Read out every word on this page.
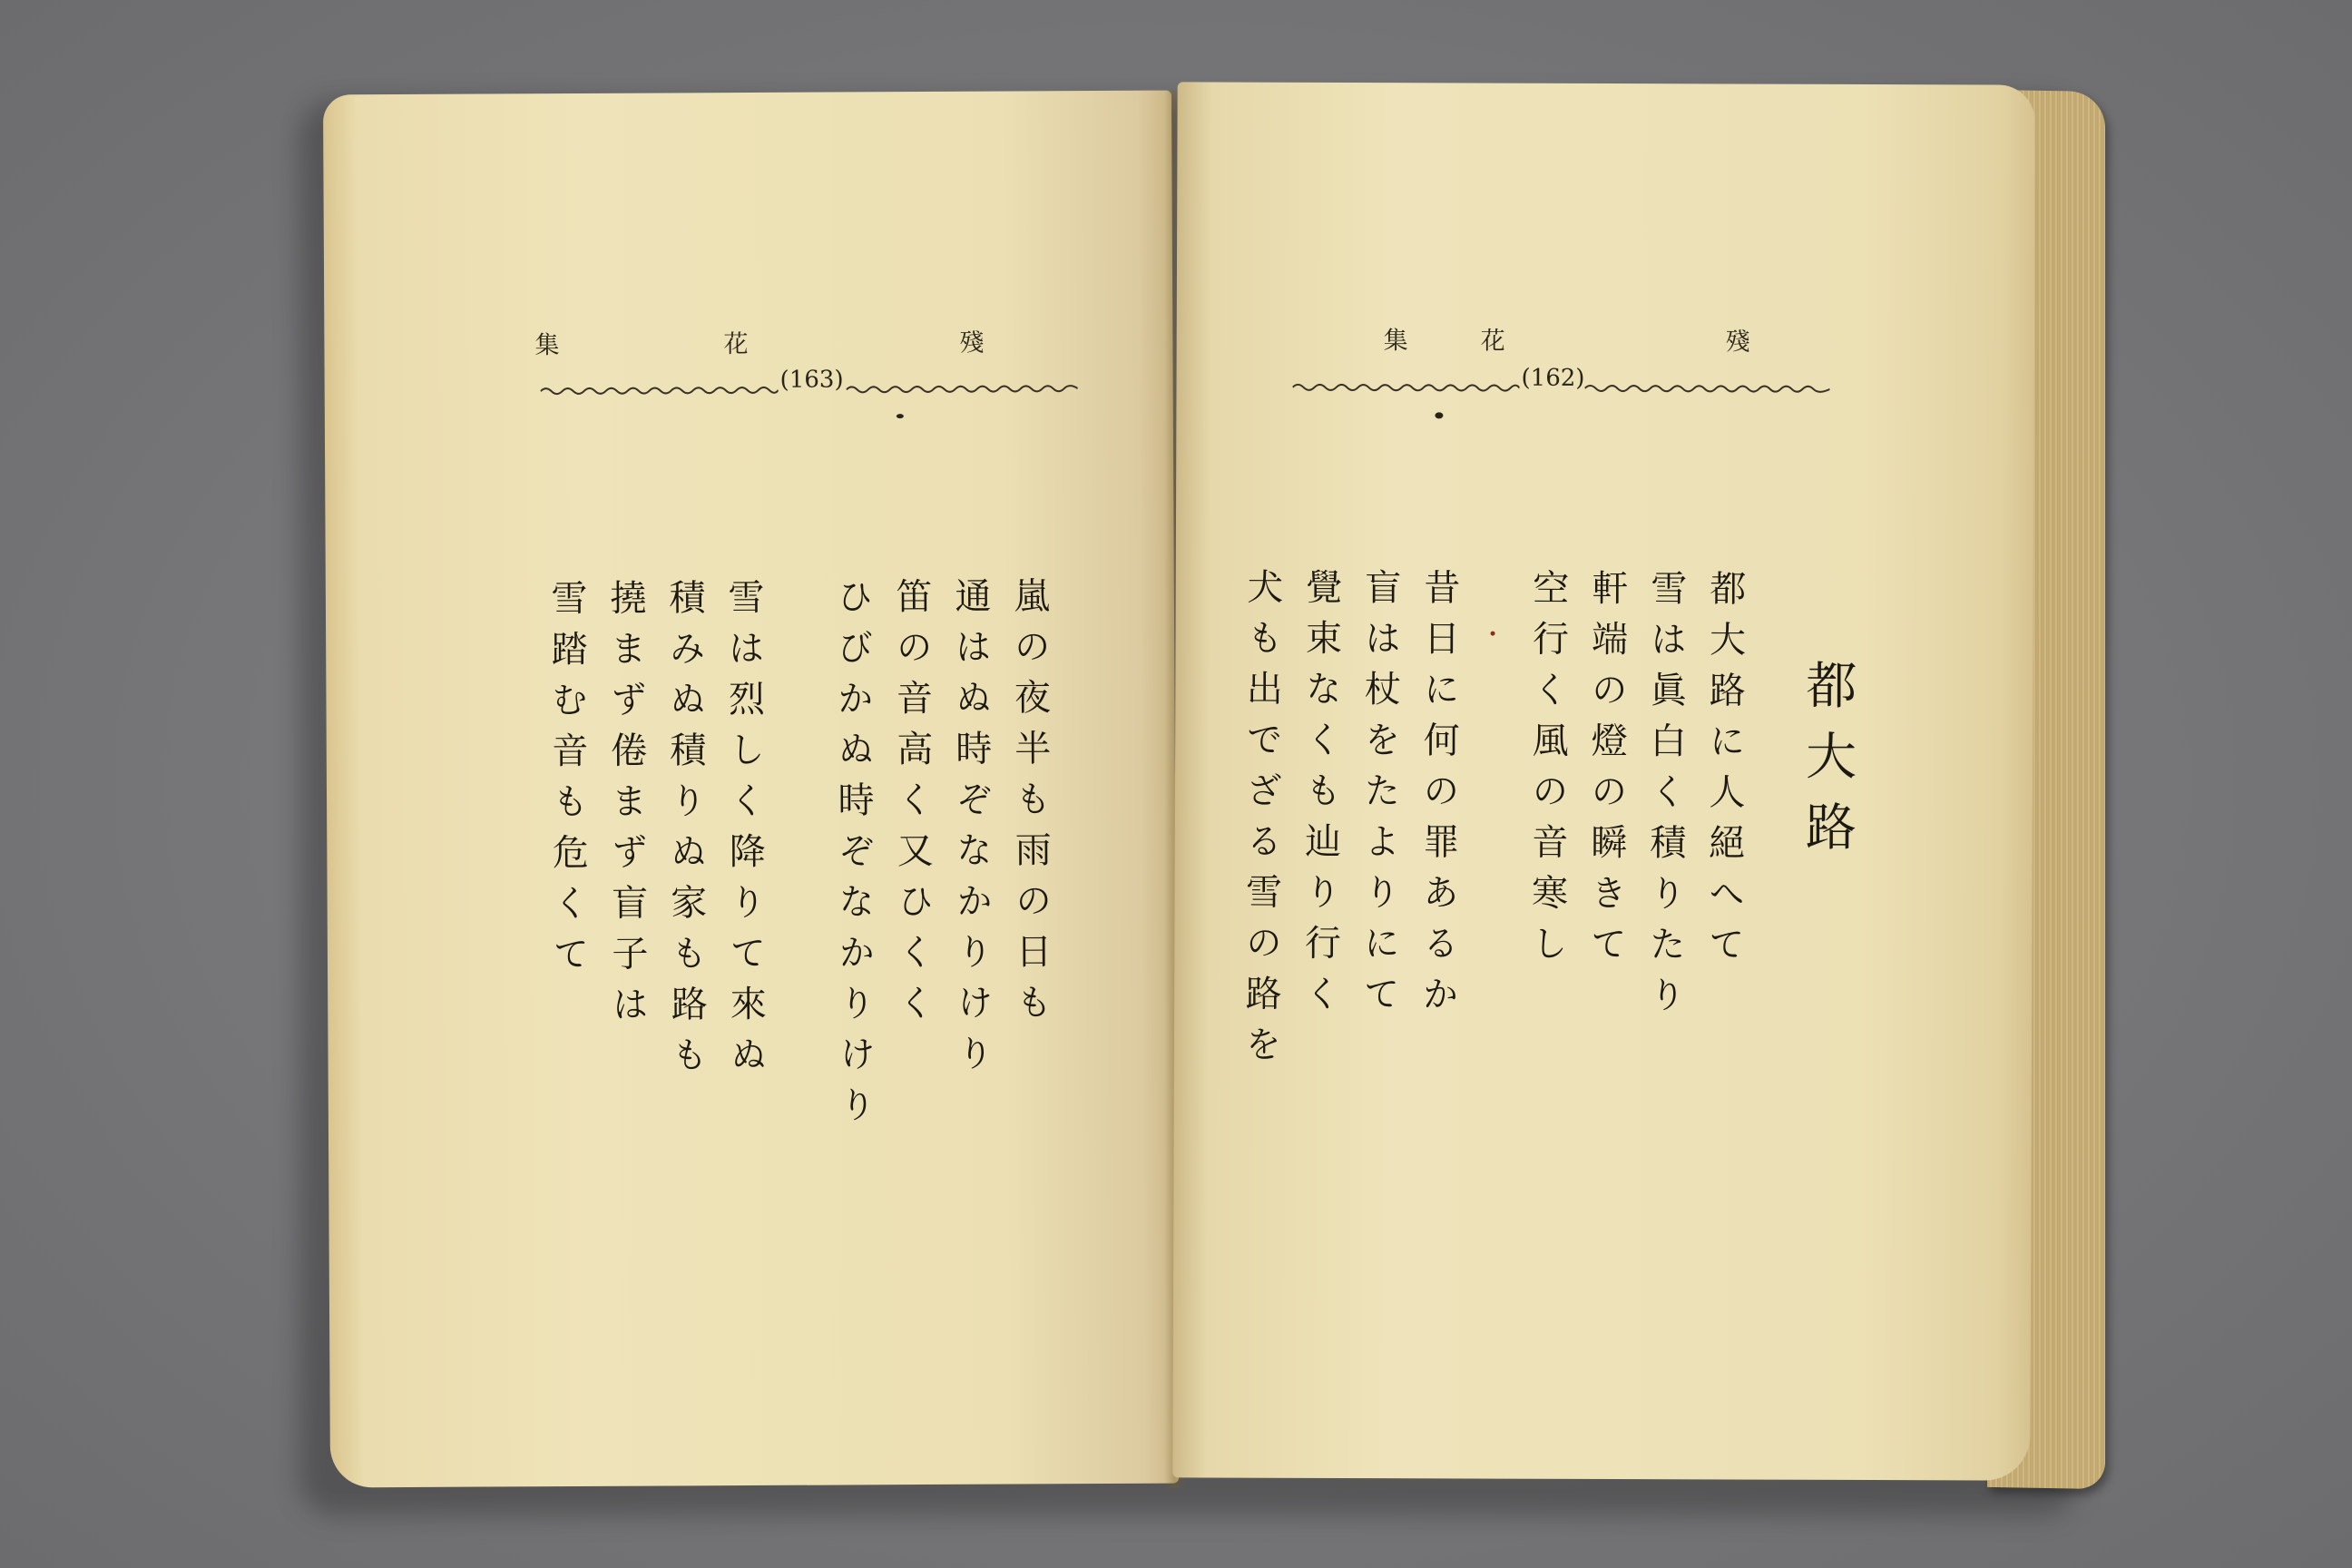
殘
花
集
(163)
嵐の夜半も雨の日も
通はぬ時ぞなかりけり
笛の音高く又ひくく
ひびかぬ時ぞなかりけり
雪は烈しく降りて來ぬ
積みぬ積りぬ家も路も
撓まず倦まず盲子は
雪踏む音も危くて
殘
花
集
(162)
都大路
都大路に人絕へて
雪は眞白く積りたり
軒端の燈の瞬きて
空行く風の音寒し
昔日に何の罪あるか
盲は杖をたよりにて
覺束なくも辿り行く
犬も出でざる雪の路を
